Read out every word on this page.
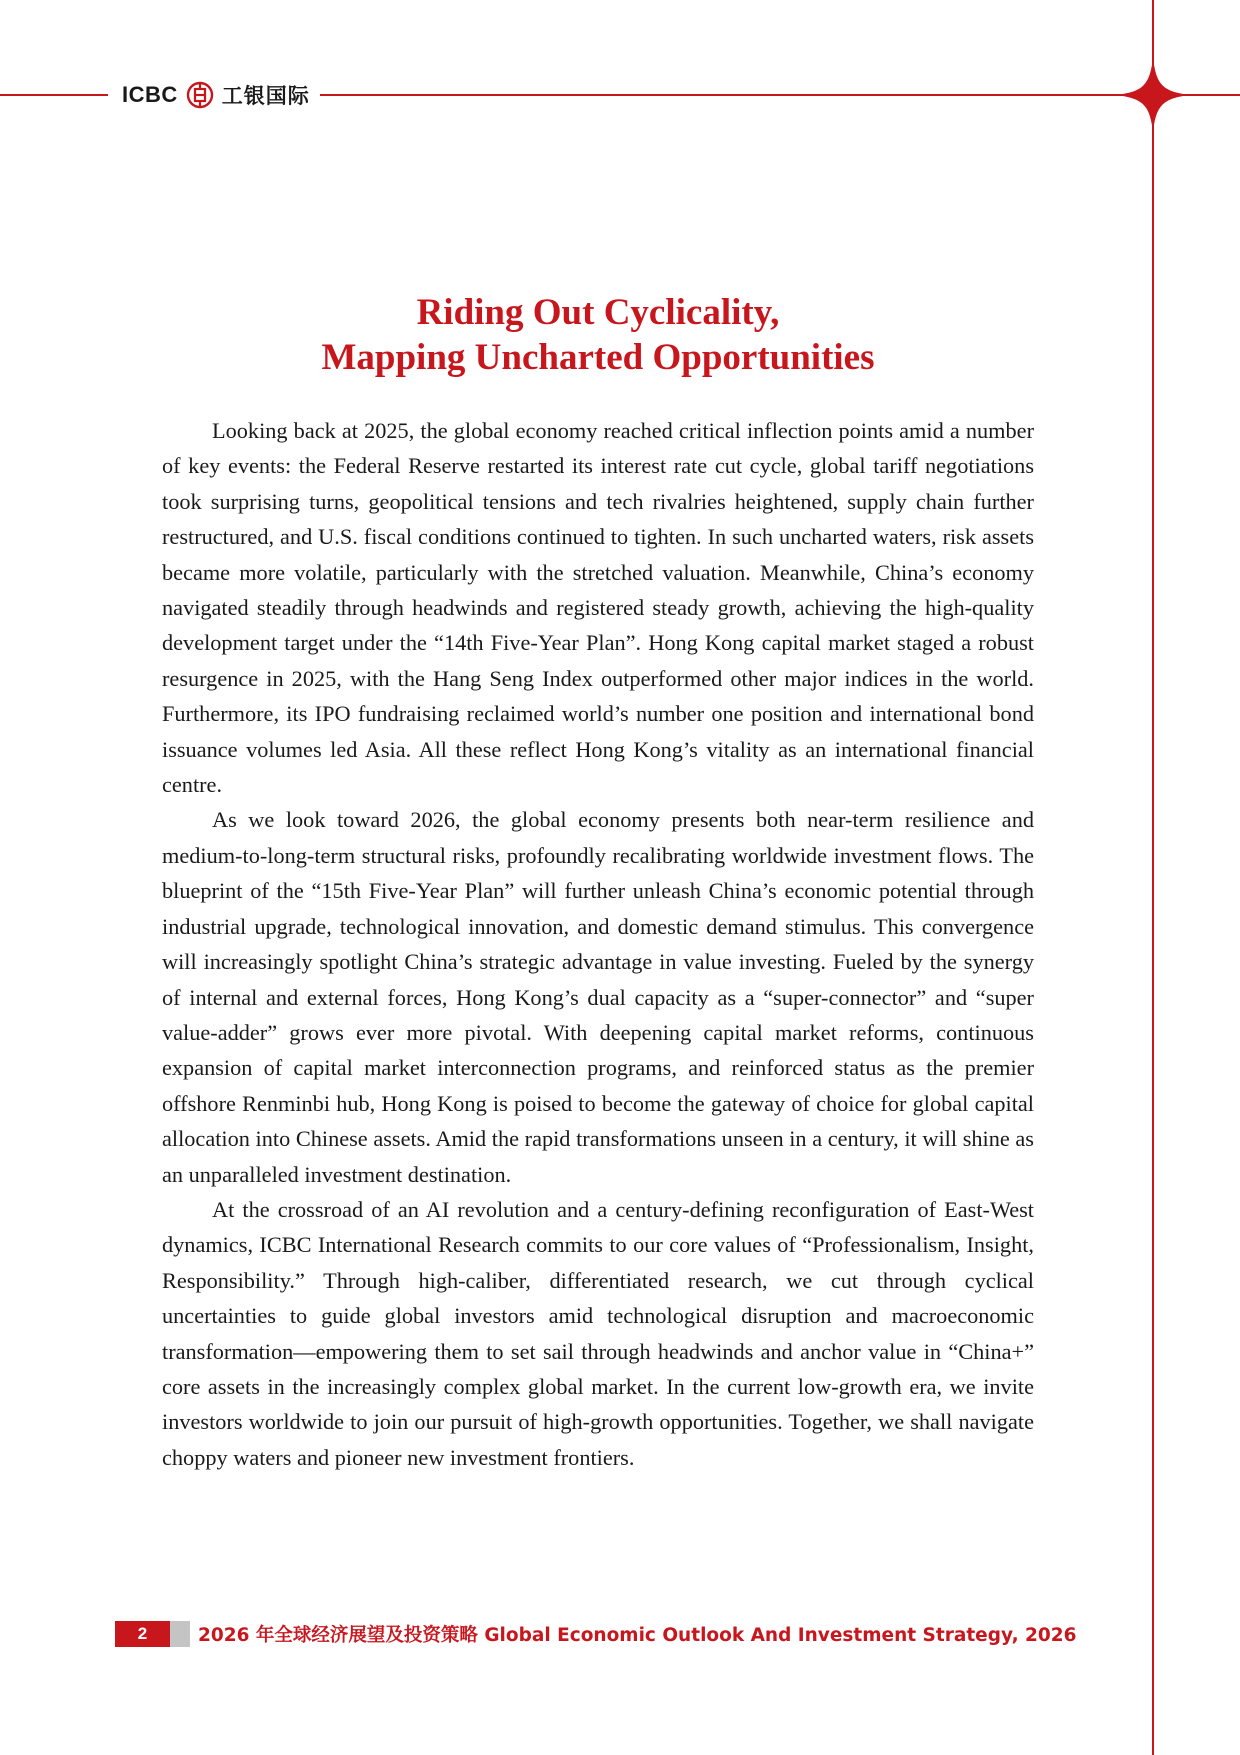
ICBC 工银国际
Riding Out Cyclicality,
Mapping Uncharted Opportunities

Looking back at 2025, the global economy reached critical inflection points amid a number of key events: the Federal Reserve restarted its interest rate cut cycle, global tariff negotiations took surprising turns, geopolitical tensions and tech rivalries heightened, supply chain further restructured, and U.S. fiscal conditions continued to tighten. In such uncharted waters, risk assets became more volatile, particularly with the stretched valuation. Meanwhile, China’s economy navigated steadily through headwinds and registered steady growth, achieving the high-quality development target under the “14th Five-Year Plan”. Hong Kong capital market staged a robust resurgence in 2025, with the Hang Seng Index outperformed other major indices in the world. Furthermore, its IPO fundraising reclaimed world’s number one position and international bond issuance volumes led Asia. All these reflect Hong Kong’s vitality as an international financial centre.

As we look toward 2026, the global economy presents both near-term resilience and medium-to-long-term structural risks, profoundly recalibrating worldwide investment flows. The blueprint of the “15th Five-Year Plan” will further unleash China’s economic potential through industrial upgrade, technological innovation, and domestic demand stimulus. This convergence will increasingly spotlight China’s strategic advantage in value investing. Fueled by the synergy of internal and external forces, Hong Kong’s dual capacity as a “super-connector” and “super value-adder” grows ever more pivotal. With deepening capital market reforms, continuous expansion of capital market interconnection programs, and reinforced status as the premier offshore Renminbi hub, Hong Kong is poised to become the gateway of choice for global capital allocation into Chinese assets. Amid the rapid transformations unseen in a century, it will shine as an unparalleled investment destination.

At the crossroad of an AI revolution and a century-defining reconfiguration of East-West dynamics, ICBC International Research commits to our core values of “Professionalism, Insight, Responsibility.” Through high-caliber, differentiated research, we cut through cyclical uncertainties to guide global investors amid technological disruption and macroeconomic transformation—empowering them to set sail through headwinds and anchor value in “China+” core assets in the increasingly complex global market. In the current low-growth era, we invite investors worldwide to join our pursuit of high-growth opportunities. Together, we shall navigate choppy waters and pioneer new investment frontiers.

2	2026 年全球经济展望及投资策略 Global Economic Outlook And Investment Strategy, 2026
